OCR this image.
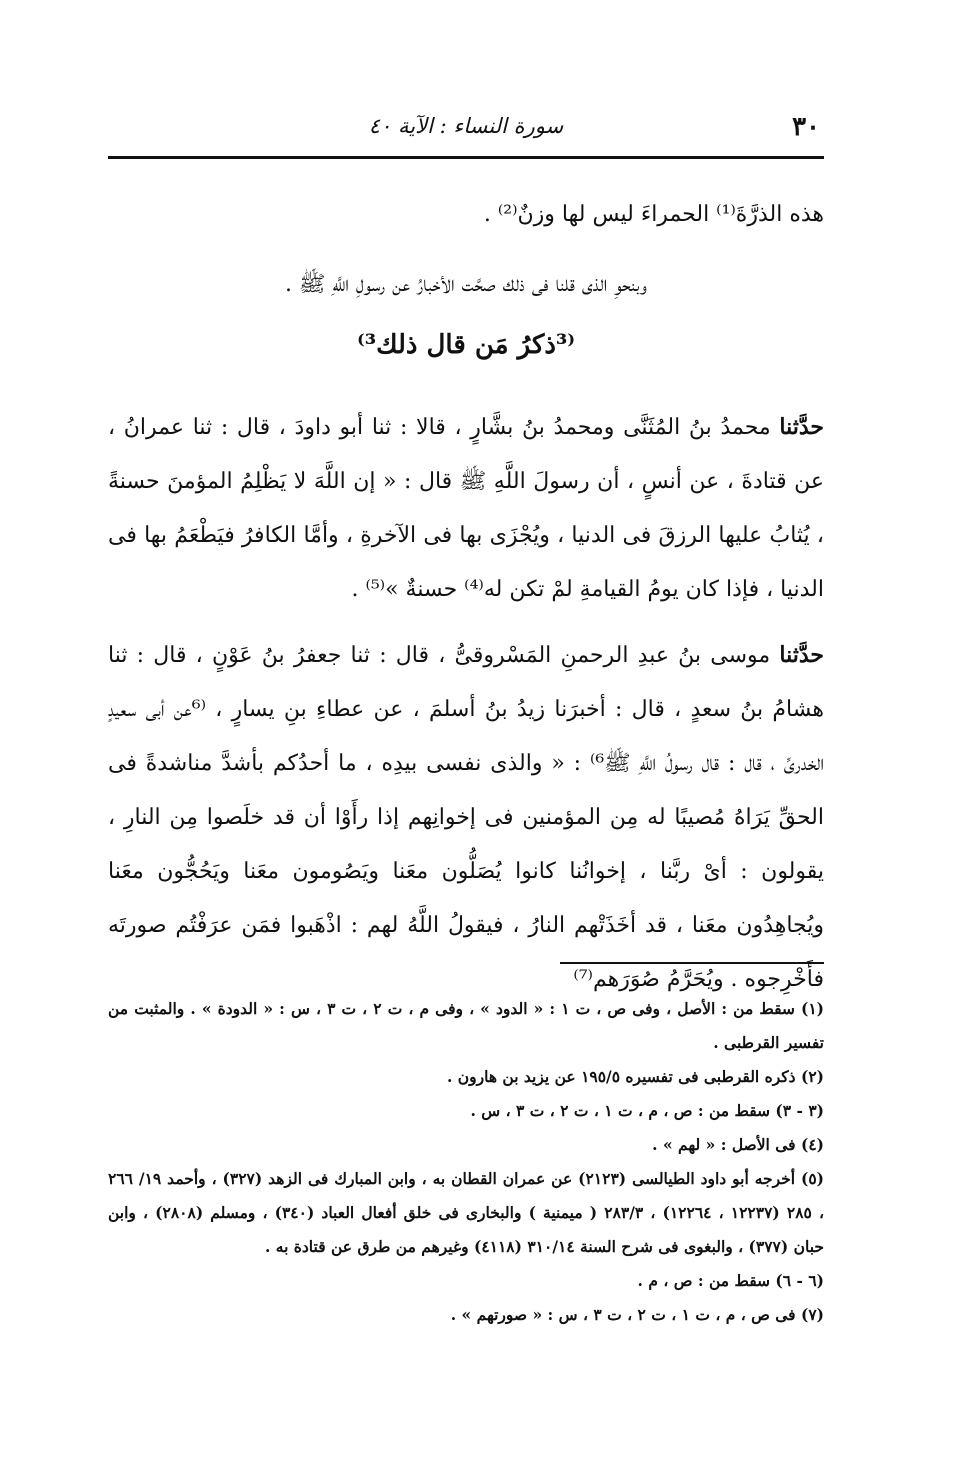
سورة النساء : الآية ٤٠	٣٠

هذه الذرَّةَ⁽¹⁾ الحمراءَ ليس لها وزنٌ⁽²⁾ .

وبنحوِ الذى قلنا فى ذلك صحَّت الأخبارُ عن رسولِ اللَّهِ ﷺ .

⁽³ذكرُ مَن قال ذلك³⁾

حدَّثنا محمدُ بنُ المُثَنَّى ومحمدُ بنُ بشَّارٍ ، قالا : ثنا أبو داودَ ، قال : ثنا عمرانُ ، عن قتادةَ ، عن أنسٍ ، أن رسولَ اللَّهِ ﷺ قال : « إن اللَّهَ لا يَظْلِمُ المؤمنَ حسنةً ، يُثابُ عليها الرزقَ فى الدنيا ، ويُجْزَى بها فى الآخرةِ ، وأمَّا الكافرُ فيَطْعَمُ بها فى الدنيا ، فإذا كان يومُ القيامةِ لمْ تكن له⁽⁴⁾ حسنةٌ »⁽⁵⁾ .

حدَّثنا موسى بنُ عبدِ الرحمنِ المَسْروقىُّ ، قال : ثنا جعفرُ بنُ عَوْنٍ ، قال : ثنا هشامُ بنُ سعدٍ ، قال : أخبرَنا زيدُ بنُ أسلمَ ، عن عطاءِ بنِ يسارٍ ، ⁽⁶عن أبى سعيدٍ الخدرىِّ ، قال : قال رسولُ اللَّهِ ﷺ⁶⁾ : « والذى نفسى بيدِه ، ما أحدُكم بأشدَّ مناشدةً فى الحقِّ يَرَاهُ مُصيبًا له مِن المؤمنين فى إخوانِهم إذا رأَوْا أن قد خلَصوا مِن النارِ ، يقولون : أىْ ربَّنا ، إخوانُنا كانوا يُصَلُّون معَنا ويَصُومون معَنا ويَحُجُّون معَنا ويُجاهِدُون معَنا ، قد أخَذَتْهم النارُ ، فيقولُ اللَّهُ لهم : اذْهَبوا فمَن عرَفْتُم صورتَه فأَخْرِجوه . ويُحَرَّمُ صُوَرَهم⁽⁷⁾

(١) سقط من : الأصل ، وفى ص ، ت ١ : « الدود » ، وفى م ، ت ٢ ، ت ٣ ، س : « الدودة » . والمثبت من تفسير القرطبى .

(٢) ذكره القرطبى فى تفسيره ١٩٥/٥ عن يزيد بن هارون .

(٣ - ٣) سقط من : ص ، م ، ت ١ ، ت ٢ ، ت ٣ ، س .

(٤) فى الأصل : « لهم » .

(٥) أخرجه أبو داود الطيالسى (٢١٢٣) عن عمران القطان به ، وابن المبارك فى الزهد (٣٢٧) ، وأحمد ١٩/ ٢٦٦ ، ٢٨٥ (١٢٢٣٧ ، ١٢٢٦٤) ، ٢٨٣/٣ ( ميمنية ) والبخارى فى خلق أفعال العباد (٣٤٠) ، ومسلم (٢٨٠٨) ، وابن حبان (٣٧٧) ، والبغوى فى شرح السنة ٣١٠/١٤ (٤١١٨) وغيرهم من طرق عن قتادة به .

(٦ - ٦) سقط من : ص ، م .

(٧) فى ص ، م ، ت ١ ، ت ٢ ، ت ٣ ، س : « صورتهم » .
